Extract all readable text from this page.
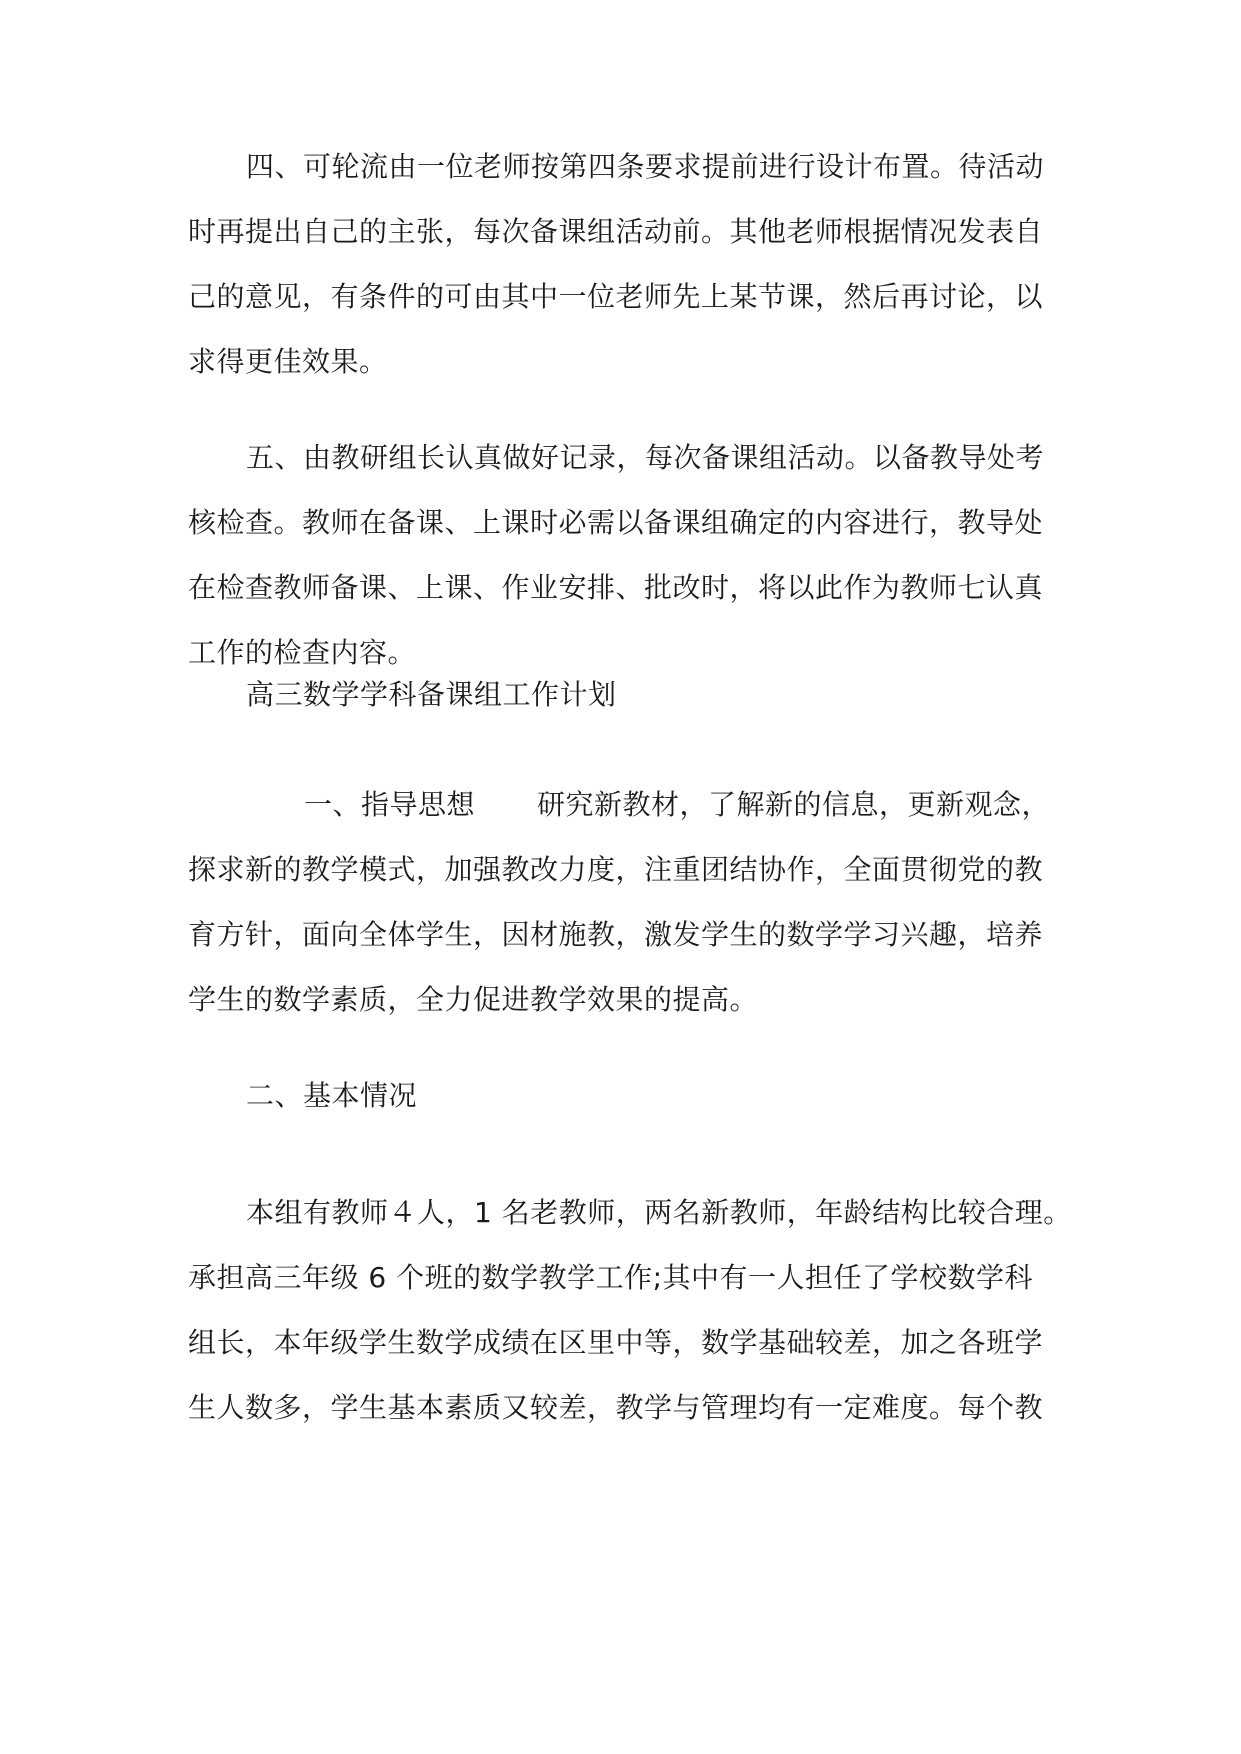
四、可轮流由一位老师按第四条要求提前进行设计布置。待活动
时再提出自己的主张，每次备课组活动前。其他老师根据情况发表自
己的意见，有条件的可由其中一位老师先上某节课，然后再讨论，以
求得更佳效果。
五、由教研组长认真做好记录，每次备课组活动。以备教导处考
核检查。教师在备课、上课时必需以备课组确定的内容进行，教导处
在检查教师备课、上课、作业安排、批改时，将以此作为教师七认真
工作的检查内容。
高三数学学科备课组工作计划
一、指导思想 研究新教材，了解新的信息，更新观念，
探求新的教学模式，加强教改力度，注重团结协作，全面贯彻党的教
育方针，面向全体学生，因材施教，激发学生的数学学习兴趣，培养
学生的数学素质，全力促进教学效果的提高。
二、基本情况
本组有教师４人，1 名老教师，两名新教师，年龄结构比较合理。
承担高三年级 6 个班的数学教学工作;其中有一人担任了学校数学科
组长，本年级学生数学成绩在区里中等，数学基础较差，加之各班学
生人数多，学生基本素质又较差，教学与管理均有一定难度。每个教
